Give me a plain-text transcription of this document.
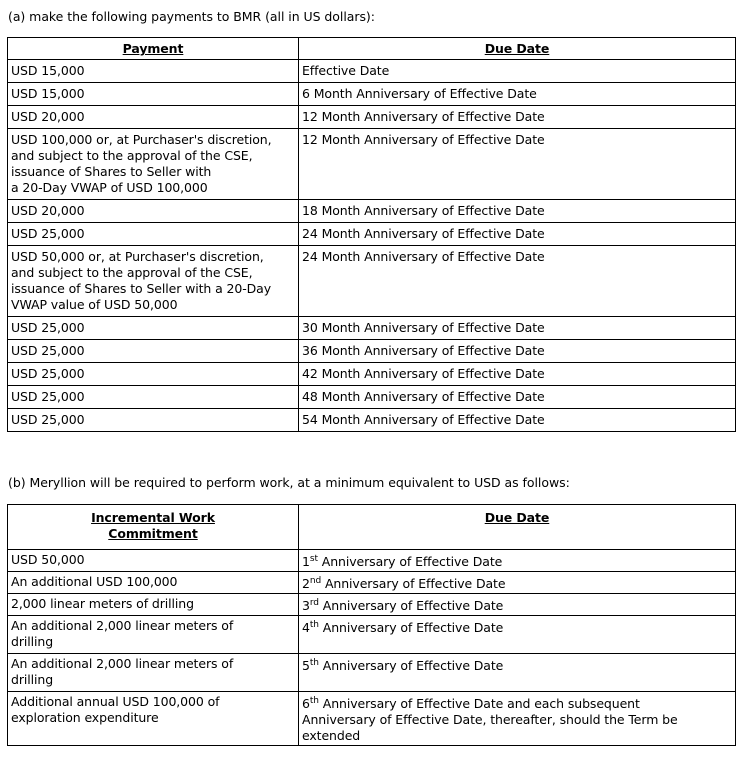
(a) make the following payments to BMR (all in US dollars):
Payment	Due Date

USD 15,000	Effective Date

USD 15,000	6 Month Anniversary of Effective Date

USD 20,000	12 Month Anniversary of Effective Date

USD 100,000 or, at Purchaser's discretion,
and subject to the approval of the CSE,
issuance of Shares to Seller with
a 20-Day VWAP of USD 100,000	12 Month Anniversary of Effective Date

USD 20,000	18 Month Anniversary of Effective Date

USD 25,000	24 Month Anniversary of Effective Date

USD 50,000 or, at Purchaser's discretion,
and subject to the approval of the CSE,
issuance of Shares to Seller with a 20-Day
VWAP value of USD 50,000	24 Month Anniversary of Effective Date

USD 25,000	30 Month Anniversary of Effective Date

USD 25,000	36 Month Anniversary of Effective Date

USD 25,000	42 Month Anniversary of Effective Date

USD 25,000	48 Month Anniversary of Effective Date

USD 25,000	54 Month Anniversary of Effective Date
(b) Meryllion will be required to perform work, at a minimum equivalent to USD as follows:
Incremental Work
Commitment	Due Date

USD 50,000	1st Anniversary of Effective Date

An additional USD 100,000	2nd Anniversary of Effective Date

2,000 linear meters of drilling	3rd Anniversary of Effective Date

An additional 2,000 linear meters of
drilling	4th Anniversary of Effective Date

An additional 2,000 linear meters of
drilling	5th Anniversary of Effective Date

Additional annual USD 100,000 of
exploration expenditure	6th Anniversary of Effective Date and each subsequent
Anniversary of Effective Date, thereafter, should the Term be
extended
